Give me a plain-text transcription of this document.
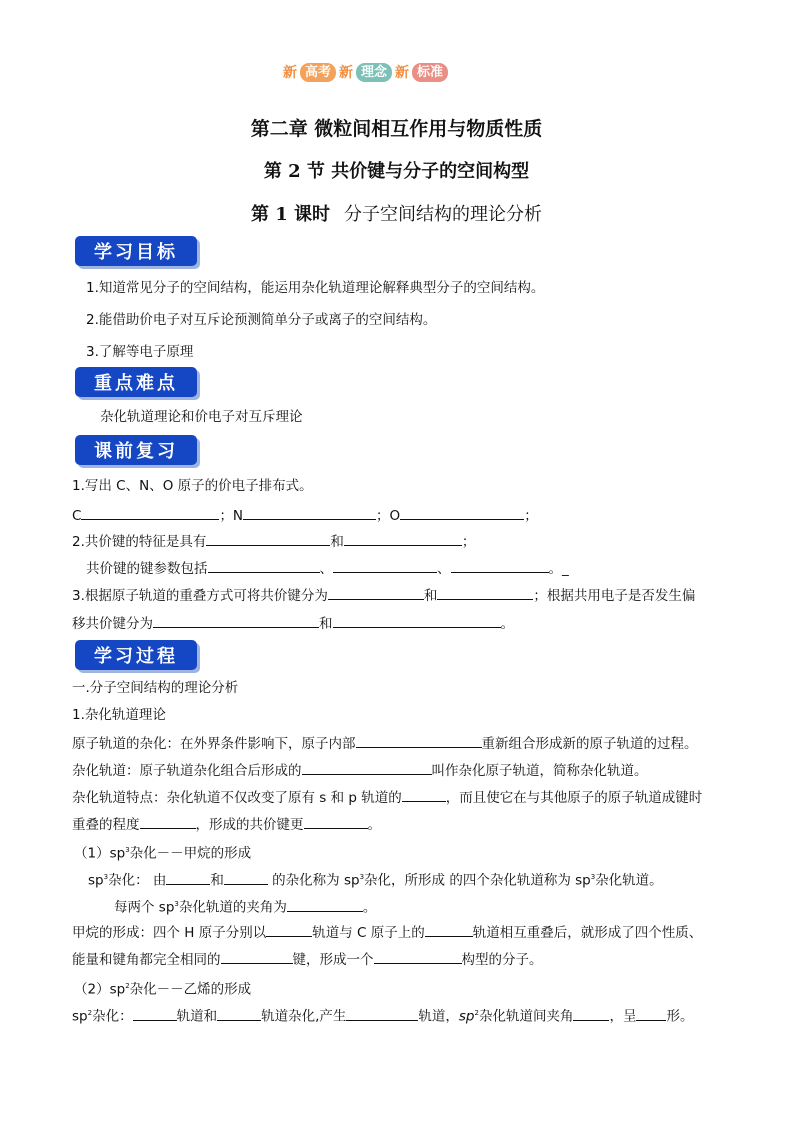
新 高考 新 理念 新 标准
第二章 微粒间相互作用与物质性质
第 2 节 共价键与分子的空间构型
第 1 课时 分子空间结构的理论分析
学习目标
1.知道常见分子的空间结构，能运用杂化轨道理论解释典型分子的空间结构。
2.能借助价电子对互斥论预测简单分子或离子的空间结构。
3.了解等电子原理
重点难点
杂化轨道理论和价电子对互斥理论
课前复习
1.写出 C、N、O 原子的价电子排布式。
C	；N	；O	；
2.共价键的特征是具有	和	；
共价键的键参数包括	、	、	。_
3.根据原子轨道的重叠方式可将共价键分为	和	；根据共用电子是否发生偏
移共价键分为	和	。
学习过程
一.分子空间结构的理论分析
1.杂化轨道理论
原子轨道的杂化：在外界条件影响下，原子内部	重新组合形成新的原子轨道的过程。
杂化轨道：原子轨道杂化组合后形成的	叫作杂化原子轨道，简称杂化轨道。
杂化轨道特点：杂化轨道不仅改变了原有 s 和 p 轨道的	，而且使它在与其他原子的原子轨道成键时
重叠的程度	，形成的共价键更	。
$(1)sp^3$杂化－－甲烷的形成
$sp^3$杂化： 由	和	的杂化称为 $sp^3$杂化，所形成 的四个杂化轨道称为 $sp^3$杂化轨道。
每两个 $sp^3$杂化轨道的夹角为	。
甲烷的形成：四个 H 原子分别以	轨道与 C 原子上的	轨道相互重叠后，就形成了四个性质、
能量和键角都完全相同的	键，形成一个	构型的分子。
$(2)sp^2$杂化－－乙烯的形成
$sp^2$杂化：	轨道和	轨道杂化,产生	轨道，$sp^2$杂化轨道间夹角	，呈 形。
